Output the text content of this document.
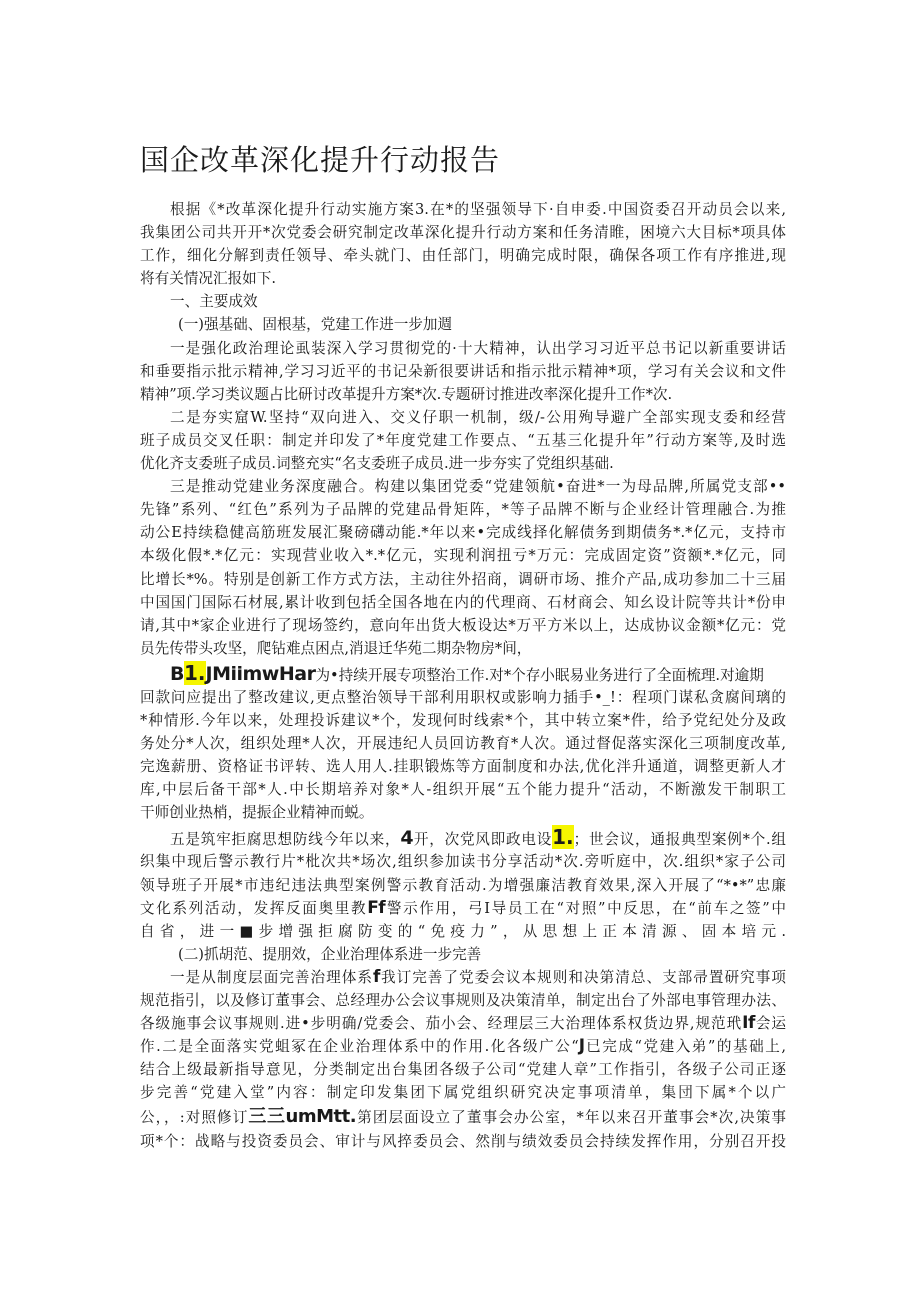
国企改革深化提升行动报告
根据《*改革深化提升行动实施方案3.在*的坚强领导下·自申委.中国资委召开动员会以来,
我集团公司共开开*次党委会研究制定改革深化提升行动方案和任务清睢，困境六大目标*项具体
工作，细化分解到责任领导、牵头就门、由任部门，明确完成时限，确保各项工作有序推进,现
将有关情况汇报如下.
一、主要成效
(一)强基础、固根基，党建工作进一步加週
一是强化政治理论虱装深入学习贯彻党的·十大精神，认出学习习近平总书记以新重要讲话
和垂要指示批示精神,学习习近平的书记朵新很要讲话和指示批示精神*项，学习有关会议和文件
精神”项.学习类议题占比研讨改革提升方案*次.专题研讨推进改率深化提升工作*次.
二是夯实窟W.坚持“双向进入、交义仔职一机制，级/-公用殉导避广全部实现支委和经营
班子成员交叉任职：制定并印发了*年度党建工作要点、“五基三化提升年”行动方案等,及时选
优化齐支委班子成员.词整充实“名支委班子成员.进一步夯实了党组织基础.
三是推动党建业务深度融合。构建以集团党委“党建领航•奋进*一为母品牌,所属党支部••
先锋”系列、“红色”系列为子品牌的党建品骨矩阵，*等子品牌不断与企业经计管理融合.为推
动公E持续稳健高筋班发展汇聚磅礴动能.*年以来•完成线择化解债务到期债务*.*亿元，支持市
本级化假*.*亿元：实现营业收入*.*亿元，实现利润扭亏*万元：完成固定资”资额*.*亿元，同
比增长*%。特别是创新工作方式方法，主动往外招商，调研市场、推介产品,成功参加二十三届
中国国门国际石材展,累计收到包括全国各地在内的代理商、石材商会、知幺设计院等共计*份申
请,其中*家企业进行了现场签约，意向年出货大板设达*万平方米以上，达成协议金额*亿元：党
员先传带头攻坚，爬钻难点困点,消退迁华苑二期杂物房*间，
B1.JMiimwHar为•持续开展专项整治工作.对*个存小眠易业务进行了全面梳理.对逾期
回款问应提出了整改建议,更点整治领导干部利用职权或影响力插手•_!：程项门谋私贪腐间璃的
*种情形.今年以来，处理投诉建议*个，发现何时线索*个，其中转立案*件，给予党纪处分及政
务处分*人次，组织处理*人次，开展违纪人员回访教育*人次。通过督促落实深化三项制度改革,
完逸薪册、资格证书评转、选人用人.挂职锻炼等方面制度和办法,优化泮升通道，调整更新人才
库,中层后备干部*人.中长期培养对象*人-组织开展“五个能力提升“活动，不断激发干制职工
干师创业热梢，提振企业精神而蜕。
五是筑牢拒腐思想防线今年以来，4开，次党风即政电设1.；世会议，通报典型案例*个.组
织集中现后警示教行片*枇次共*场次,组织参加读书分享活动*次.旁听庭中，次.组织*家子公司
领导班子开展*市违纪违法典型案例警示教育活动.为增强廉洁教育效果,深入开展了“*•*”忠廉
文化系列活动，发挥反面奥里教Ff警示作用，弓I导员工在“对照”中反思，在“前车之签”中
自省，进一■步增强拒腐防变的“免疫力”，从思想上正本清源、固本培元.
(二)抓胡范、提朋效，企业治理体系进一步完善
一是从制度层面完善治理体系f我订完善了党委会议本规则和决第清总、支部帚置研究事项
规范指引，以及修订董事会、总经理办公会议事规则及决策清单，制定出台了外部电事管理办法、
各级施事会议事规则.进•步明确/党委会、茄小会、经理层三大治理体系权货边界,规范玳If会运
作.二是全面落实党蛆冢在企业治理体系中的作用.化各级广公“J已完成“党建入弟”的基础上,
结合上级最新指导意见，分类制定出台集团各级子公司“党建人章”工作指引，各级子公司正逐
步完善“党建入堂”内容：制定印发集团下属党组织研究决定事项清单，集団下属*个以广
公，，:对照修订三三umMtt.第团层面设立了董事会办公室，*年以来召开董事会*次,决策事
项*个：战略与投资委员会、审计与风捽委员会、然削与绩效委员会持续发挥作用，分别召开投
